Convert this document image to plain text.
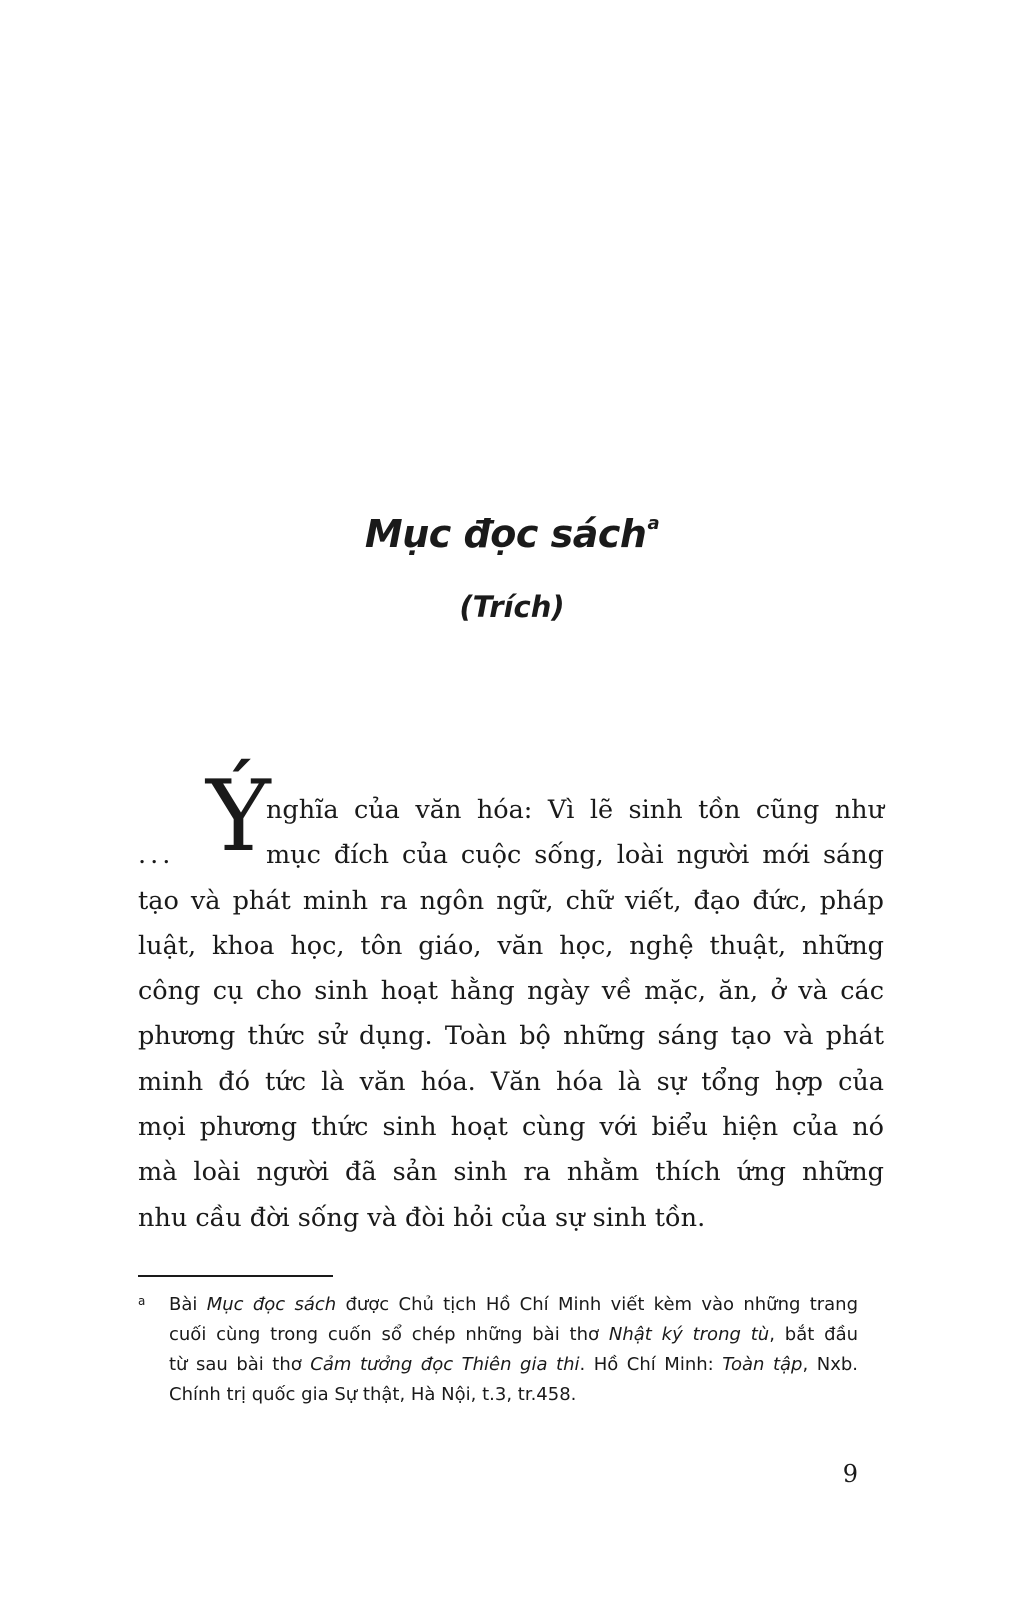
Mục đọc sách$^a$
(Trích)
... Ý
nghĩa của văn hóa: Vì lẽ sinh tồn cũng như
mục đích của cuộc sống, loài người mới sáng
tạo và phát minh ra ngôn ngữ, chữ viết, đạo đức, pháp
luật, khoa học, tôn giáo, văn học, nghệ thuật, những
công cụ cho sinh hoạt hằng ngày về mặc, ăn, ở và các
phương thức sử dụng. Toàn bộ những sáng tạo và phát
minh đó tức là văn hóa. Văn hóa là sự tổng hợp của
mọi phương thức sinh hoạt cùng với biểu hiện của nó
mà loài người đã sản sinh ra nhằm thích ứng những
nhu cầu đời sống và đòi hỏi của sự sinh tồn.
a Bài Mục đọc sách được Chủ tịch Hồ Chí Minh viết kèm vào những trang
cuối cùng trong cuốn sổ chép những bài thơ Nhật ký trong tù, bắt đầu
từ sau bài thơ Cảm tưởng đọc Thiên gia thi. Hồ Chí Minh: Toàn tập, Nxb.
Chính trị quốc gia Sự thật, Hà Nội, t.3, tr.458.
9
